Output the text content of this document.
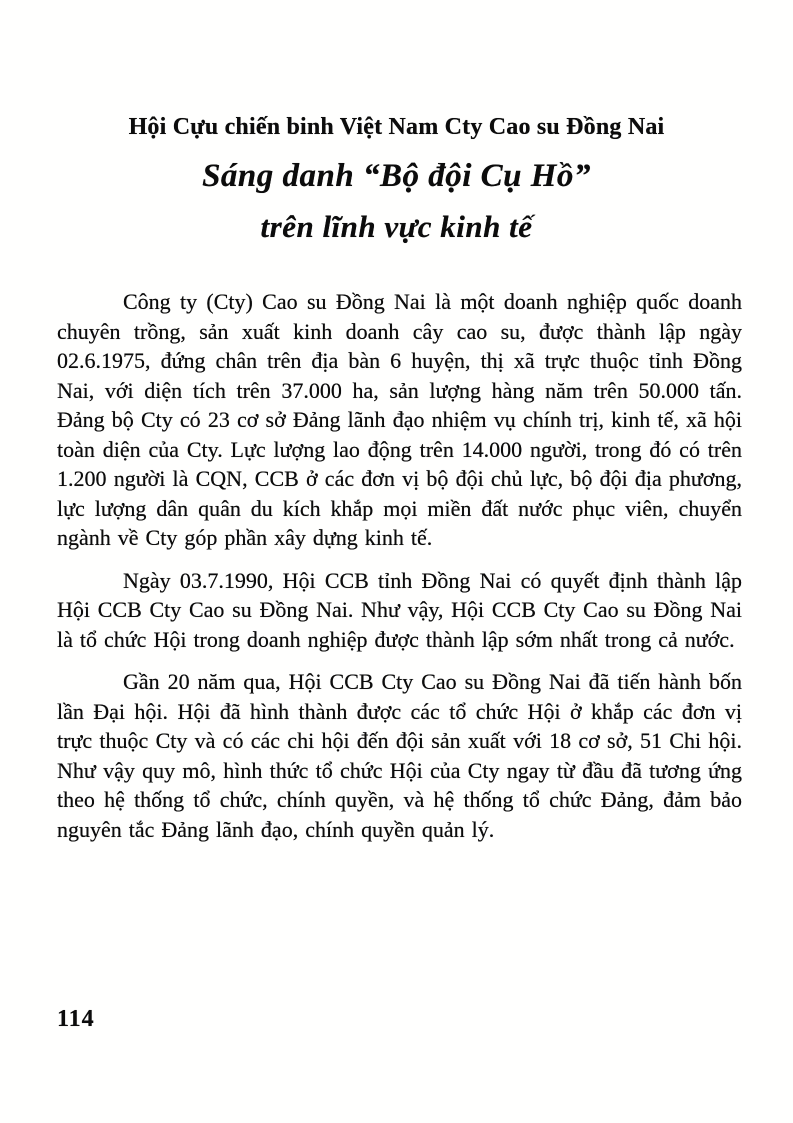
Hội Cựu chiến binh Việt Nam Cty Cao su Đồng Nai
Sáng danh “Bộ đội Cụ Hồ”
trên lĩnh vực kinh tế

Công ty (Cty) Cao su Đồng Nai là một doanh nghiệp quốc doanh chuyên trồng, sản xuất kinh doanh cây cao su, được thành lập ngày 02.6.1975, đứng chân trên địa bàn 6 huyện, thị xã trực thuộc tỉnh Đồng Nai, với diện tích trên 37.000 ha, sản lượng hàng năm trên 50.000 tấn. Đảng bộ Cty có 23 cơ sở Đảng lãnh đạo nhiệm vụ chính trị, kinh tế, xã hội toàn diện của Cty. Lực lượng lao động trên 14.000 người, trong đó có trên 1.200 người là CQN, CCB ở các đơn vị bộ đội chủ lực, bộ đội địa phương, lực lượng dân quân du kích khắp mọi miền đất nước phục viên, chuyển ngành về Cty góp phần xây dựng kinh tế.

Ngày 03.7.1990, Hội CCB tỉnh Đồng Nai có quyết định thành lập Hội CCB Cty Cao su Đồng Nai. Như vậy, Hội CCB Cty Cao su Đồng Nai là tổ chức Hội trong doanh nghiệp được thành lập sớm nhất trong cả nước.

Gần 20 năm qua, Hội CCB Cty Cao su Đồng Nai đã tiến hành bốn lần Đại hội. Hội đã hình thành được các tổ chức Hội ở khắp các đơn vị trực thuộc Cty và có các chi hội đến đội sản xuất với 18 cơ sở, 51 Chi hội. Như vậy quy mô, hình thức tổ chức Hội của Cty ngay từ đầu đã tương ứng theo hệ thống tổ chức, chính quyền, và hệ thống tổ chức Đảng, đảm bảo nguyên tắc Đảng lãnh đạo, chính quyền quản lý.

114
